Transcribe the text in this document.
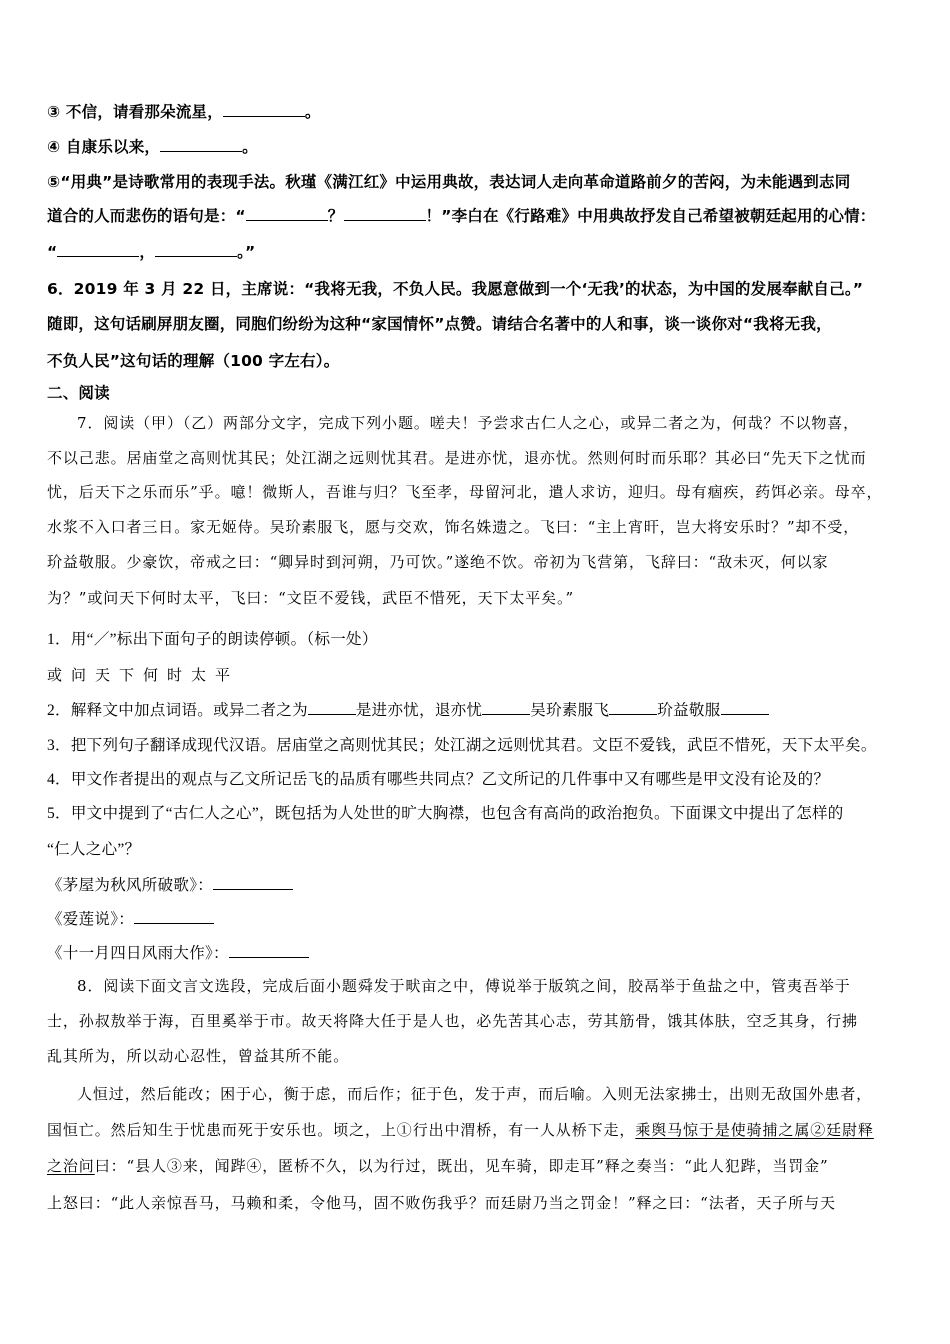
③ 不信，请看那朵流星，	。
④ 自康乐以来，	。
⑤“用典”是诗歌常用的表现手法。秋瑾《满江红》中运用典故，表达词人走向革命道路前夕的苦闷，为未能遇到志同
道合的人而悲伤的语句是：“	？	！”李白在《行路难》中用典故抒发自己希望被朝廷起用的心情：
“	，	。”
6．2019 年 3 月 22 日，主席说：“我将无我，不负人民。我愿意做到一个‘无我’的状态，为中国的发展奉献自己。”
随即，这句话刷屏朋友圈，同胞们纷纷为这种“家国情怀”点赞。请结合名著中的人和事，谈一谈你对“我将无我，
不负人民”这句话的理解（100 字左右）。
二、阅读
7．阅读（甲）（乙）两部分文字，完成下列小题。嗟夫！予尝求古仁人之心，或异二者之为，何哉？不以物喜，
不以己悲。居庙堂之高则忧其民；处江湖之远则忧其君。是进亦忧，退亦忧。然则何时而乐耶？其必曰“先天下之忧而
忧，后天下之乐而乐”乎。噫！微斯人，吾谁与归？飞至孝，母留河北，遣人求访，迎归。母有痼疾，药饵必亲。母卒，
水浆不入口者三日。家无姬侍。吴玠素服飞，愿与交欢，饰名姝遗之。飞曰：“主上宵旰，岂大将安乐时？”却不受，
玠益敬服。少豪饮，帝戒之曰：“卿异时到河朔，乃可饮。”遂绝不饮。帝初为飞营第，飞辞曰：“敌未灭，何以家
为？”或问天下何时太平，飞曰：“文臣不爱钱，武臣不惜死，天下太平矣。”
1．用“／”标出下面句子的朗读停顿。（标一处）
或问天下何时太平
2．解释文中加点词语。或异二者之为	是进亦忧，退亦忧	吴玠素服飞	玠益敬服
3．把下列句子翻译成现代汉语。居庙堂之高则忧其民；处江湖之远则忧其君。文臣不爱钱，武臣不惜死，天下太平矣。
4．甲文作者提出的观点与乙文所记岳飞的品质有哪些共同点？乙文所记的几件事中又有哪些是甲文没有论及的？
5．甲文中提到了“古仁人之心”，既包括为人处世的旷大胸襟，也包含有高尚的政治抱负。下面课文中提出了怎样的
“仁人之心”？
《茅屋为秋风所破歌》：
《爱莲说》：
《十一月四日风雨大作》：
8．阅读下面文言文选段，完成后面小题舜发于畎亩之中，傅说举于版筑之间，胶鬲举于鱼盐之中，管夷吾举于
士，孙叔敖举于海，百里奚举于市。故天将降大任于是人也，必先苦其心志，劳其筋骨，饿其体肤，空乏其身，行拂
乱其所为，所以动心忍性，曾益其所不能。
人恒过，然后能改；困于心，衡于虑，而后作；征于色，发于声，而后喻。入则无法家拂士，出则无敌国外患者，
国恒亡。然后知生于忧患而死于安乐也。顷之，上①行出中渭桥，有一人从桥下走，乘舆马惊于是使骑捕之属②廷尉释
之治问曰：“县人③来，闻跸④，匿桥不久，以为行过，既出，见车骑，即走耳”释之奏当：“此人犯跸，当罚金”
上怒曰：“此人亲惊吾马，马赖和柔，令他马，固不败伤我乎？而廷尉乃当之罚金！”释之曰：“法者，天子所与天
